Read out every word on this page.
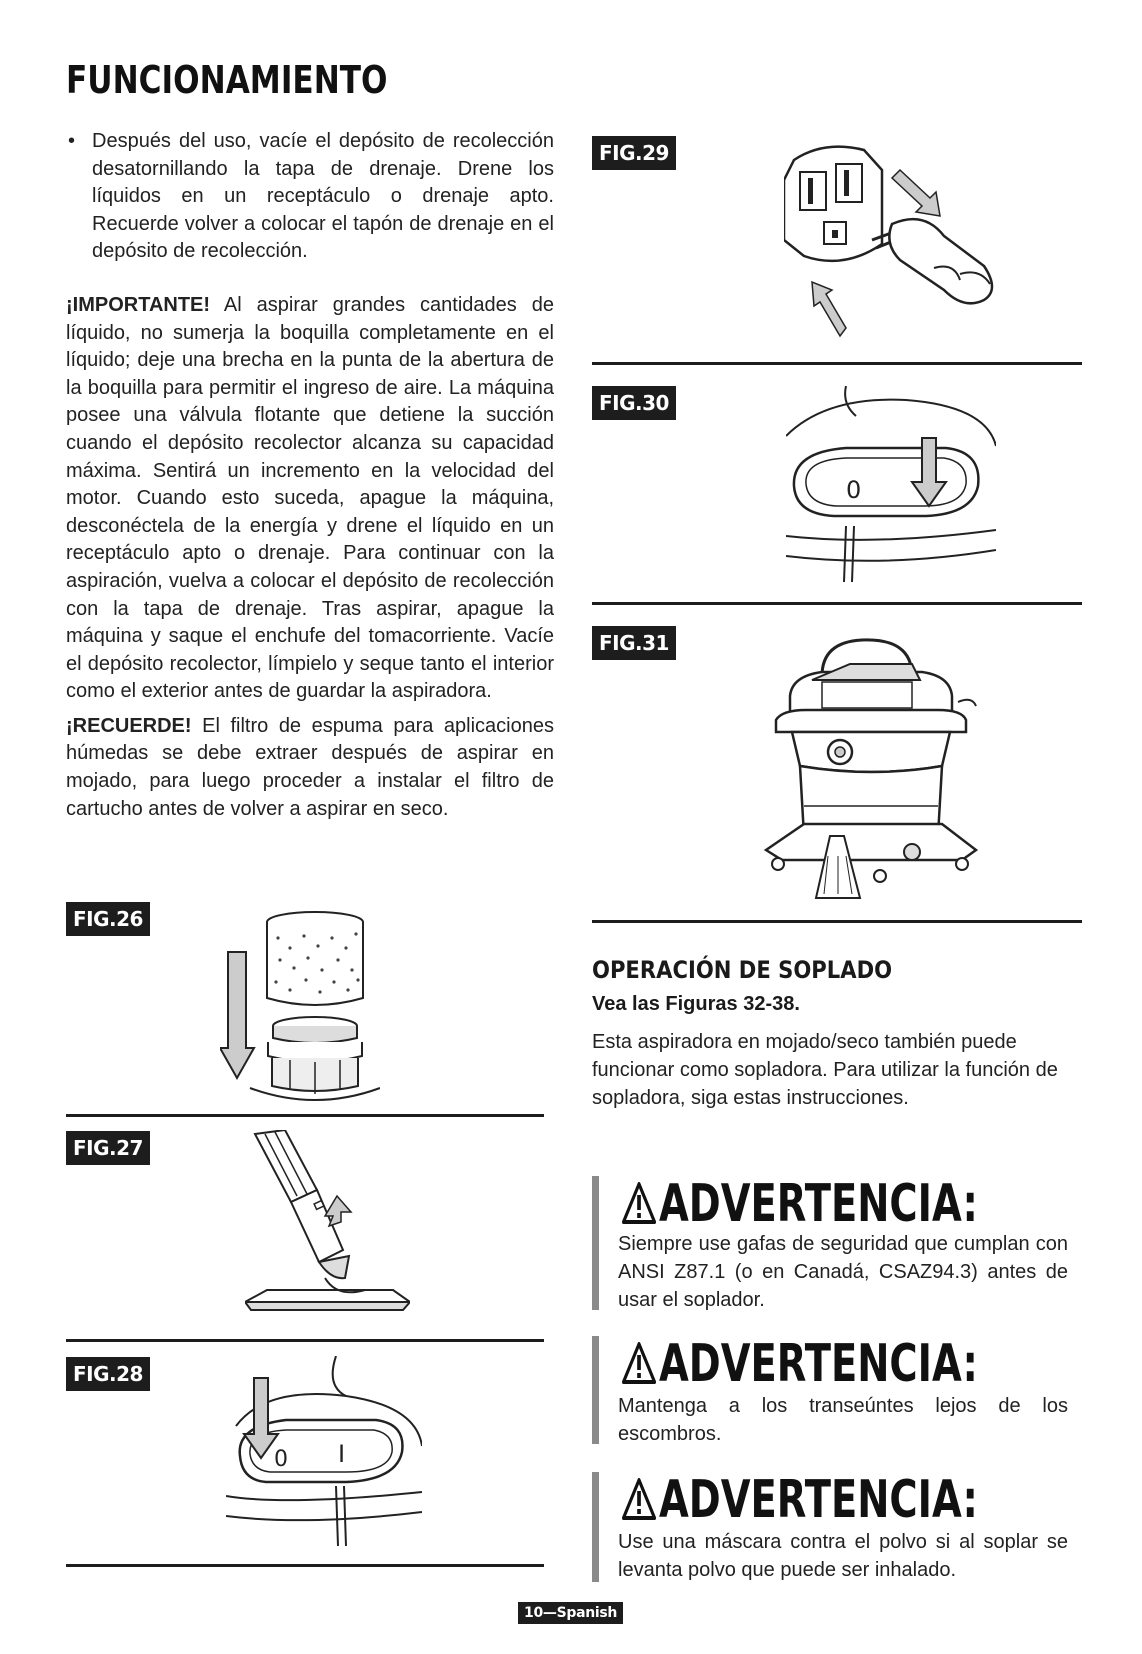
FUNCIONAMIENTO
• Después del uso, vacíe el depósito de recolección desatornillando la tapa de drenaje. Drene los líquidos en un receptáculo o drenaje apto. Recuerde volver a colocar el tapón de drenaje en el depósito de recolección.

¡IMPORTANTE! Al aspirar grandes cantidades de líquido, no sumerja la boquilla completamente en el líquido; deje una brecha en la punta de la abertura de la boquilla para permitir el ingreso de aire. La máquina posee una válvula flotante que detiene la succión cuando el depósito recolector alcanza su capacidad máxima. Sentirá un incremento en la velocidad del motor. Cuando esto suceda, apague la máquina, desconéctela de la energía y drene el líquido en un receptáculo apto o drenaje. Para continuar con la aspiración, vuelva a colocar el depósito de recolección con la tapa de drenaje. Tras aspirar, apague la máquina y saque el enchufe del tomacorriente. Vacíe el depósito recolector, límpielo y seque tanto el interior como el exterior antes de guardar la aspiradora.

¡RECUERDE! El filtro de espuma para aplicaciones húmedas se debe extraer después de aspirar en mojado, para luego proceder a instalar el filtro de cartucho antes de volver a aspirar en seco.

FIG.26
FIG.27
FIG.28
0 I
FIG.29
FIG.30
0
FIG.31
OPERACIÓN DE SOPLADO
Vea las Figuras 32-38.
Esta aspiradora en mojado/seco también puede funcionar como sopladora. Para utilizar la función de sopladora, siga estas instrucciones.
ADVERTENCIA:
Siempre use gafas de seguridad que cumplan con ANSI Z87.1 (o en Canadá, CSAZ94.3) antes de usar el soplador.
ADVERTENCIA:
Mantenga a los transeúntes lejos de los escombros.
ADVERTENCIA:
Use una máscara contra el polvo si al soplar se levanta polvo que puede ser inhalado.
10—Spanish
